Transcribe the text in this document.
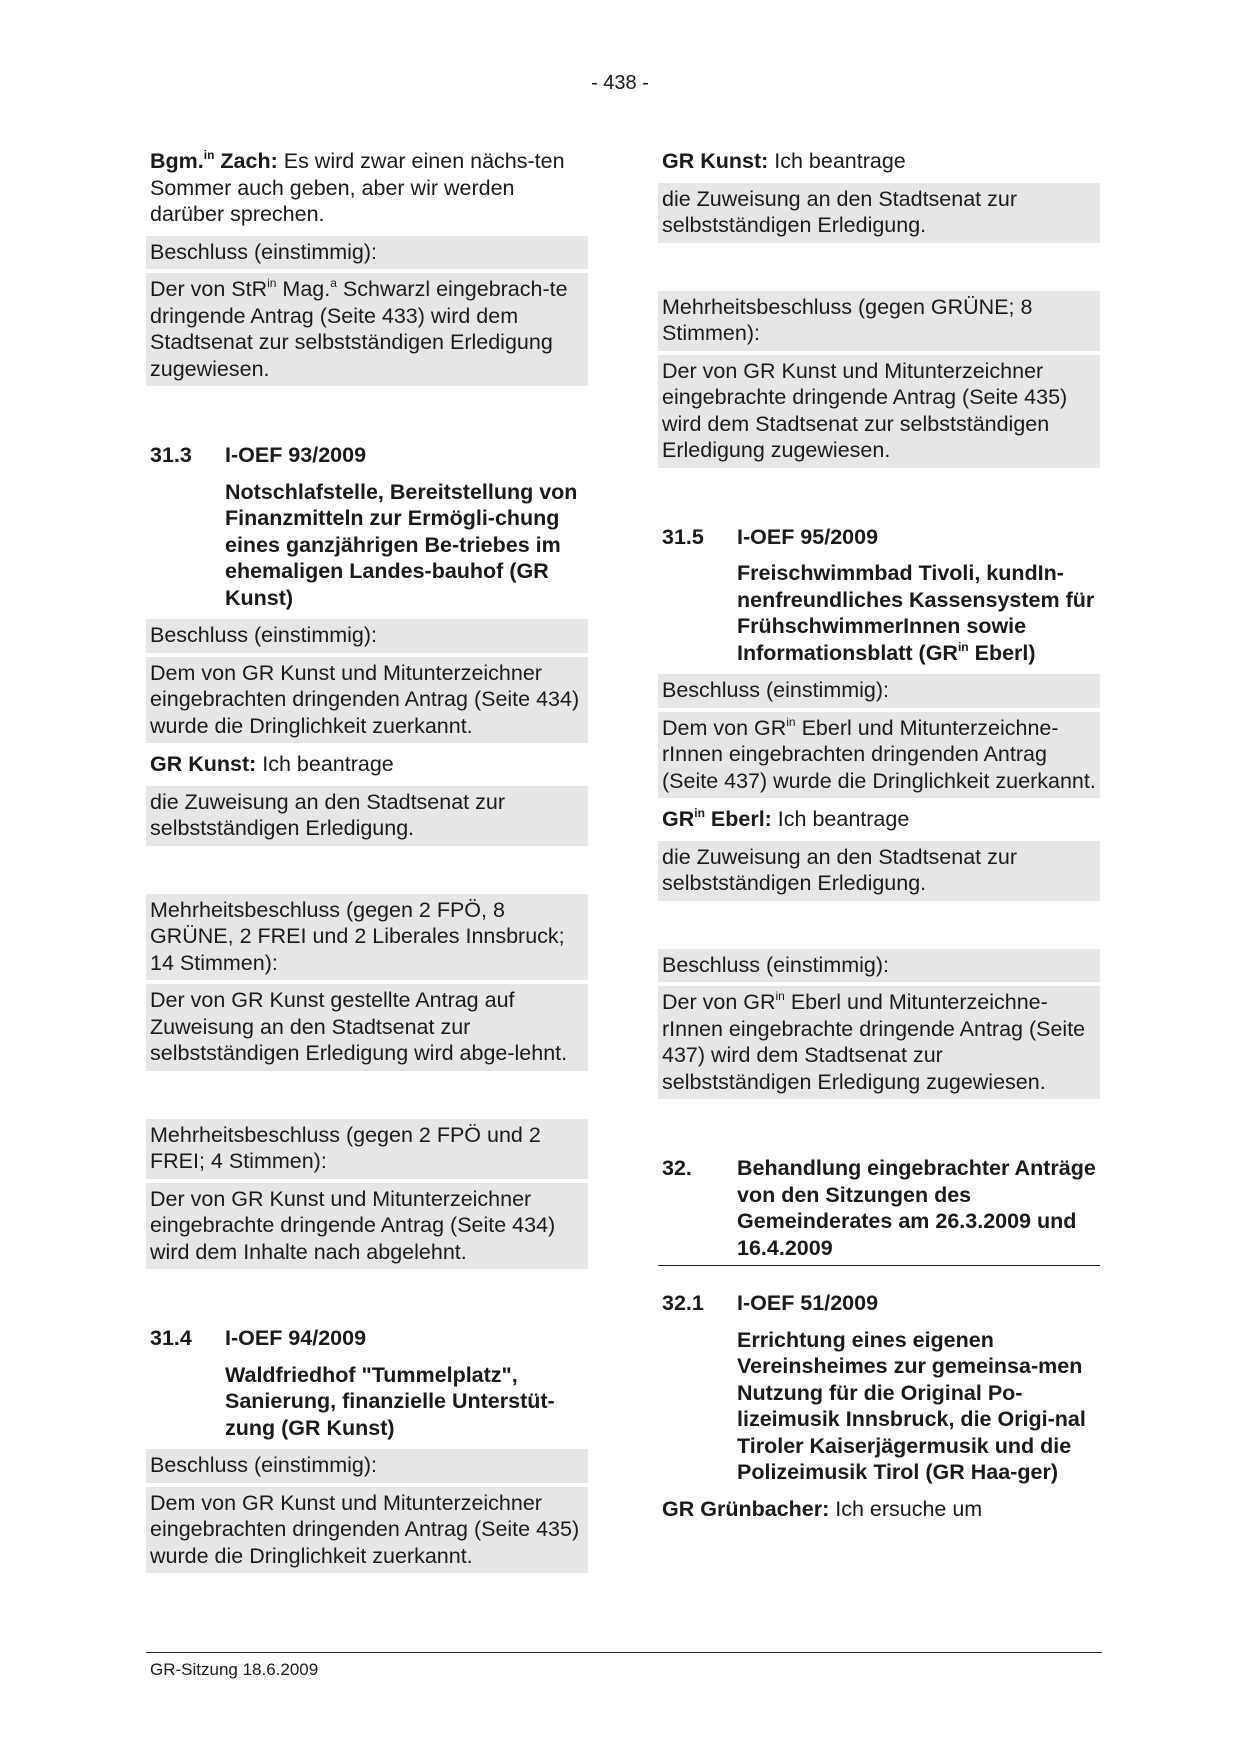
- 438 -

Bgm.$^{in}$ Zach: Es wird zwar einen nächs-ten Sommer auch geben, aber wir werden darüber sprechen.

Beschluss (einstimmig):
Der von StR$^{in}$ Mag.$^a$ Schwarzl eingebrach-te dringende Antrag (Seite 433) wird dem Stadtsenat zur selbstständigen Erledigung zugewiesen.
31.3	I-OEF 93/2009
Notschlafstelle, Bereitstellung von Finanzmitteln zur Ermögli-chung eines ganzjährigen Be-triebes im ehemaligen Landes-bauhof (GR Kunst)
Beschluss (einstimmig):
Dem von GR Kunst und Mitunterzeichner eingebrachten dringenden Antrag (Seite 434) wurde die Dringlichkeit zuerkannt.

GR Kunst: Ich beantrage

die Zuweisung an den Stadtsenat zur selbstständigen Erledigung.
Mehrheitsbeschluss (gegen 2 FPÖ, 8 GRÜNE, 2 FREI und 2 Liberales Innsbruck; 14 Stimmen):
Der von GR Kunst gestellte Antrag auf Zuweisung an den Stadtsenat zur selbstständigen Erledigung wird abge-lehnt.
Mehrheitsbeschluss (gegen 2 FPÖ und 2 FREI; 4 Stimmen):
Der von GR Kunst und Mitunterzeichner eingebrachte dringende Antrag (Seite 434) wird dem Inhalte nach abgelehnt.
31.4	I-OEF 94/2009
Waldfriedhof "Tummelplatz", Sanierung, finanzielle Unterstüt-zung (GR Kunst)
Beschluss (einstimmig):
Dem von GR Kunst und Mitunterzeichner eingebrachten dringenden Antrag (Seite 435) wurde die Dringlichkeit zuerkannt.

GR Kunst: Ich beantrage

die Zuweisung an den Stadtsenat zur selbstständigen Erledigung.
Mehrheitsbeschluss (gegen GRÜNE; 8 Stimmen):
Der von GR Kunst und Mitunterzeichner eingebrachte dringende Antrag (Seite 435) wird dem Stadtsenat zur selbstständigen Erledigung zugewiesen.
31.5	I-OEF 95/2009
Freischwimmbad Tivoli, kundIn-nenfreundliches Kassensystem für FrühschwimmerInnen sowie Informationsblatt ($GR^{in}$ Eberl)
Beschluss (einstimmig):
Dem von $GR^{in}$ Eberl und Mitunterzeichne-rInnen eingebrachten dringenden Antrag (Seite 437) wurde die Dringlichkeit zuerkannt.

$GR^{in}$ Eberl: Ich beantrage

die Zuweisung an den Stadtsenat zur selbstständigen Erledigung.
Beschluss (einstimmig):
Der von $GR^{in}$ Eberl und Mitunterzeichne-rInnen eingebrachte dringende Antrag (Seite 437) wird dem Stadtsenat zur selbstständigen Erledigung zugewiesen.
32.	Behandlung eingebrachter Anträge von den Sitzungen des Gemeinderates am 26.3.2009 und 16.4.2009
32.1	I-OEF 51/2009
Errichtung eines eigenen Vereinsheimes zur gemeinsa-men Nutzung für die Original Po-lizeimusik Innsbruck, die Origi-nal Tiroler Kaiserjägermusik und die Polizeimusik Tirol (GR Haa-ger)

GR Grünbacher: Ich ersuche um

GR-Sitzung 18.6.2009
